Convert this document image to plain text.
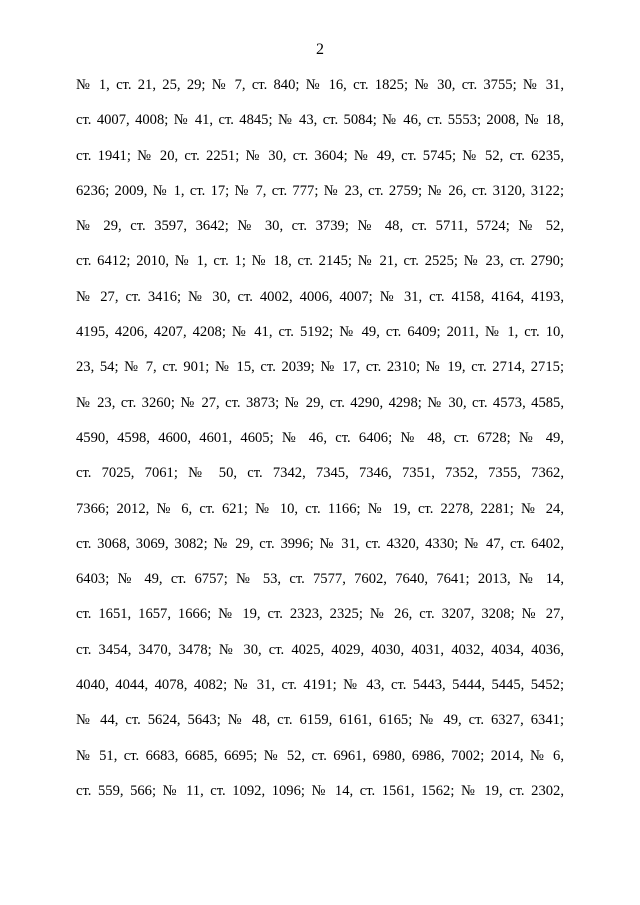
2
№ 1, ст. 21, 25, 29; № 7, ст. 840; № 16, ст. 1825; № 30, ст. 3755; № 31,
ст. 4007, 4008; № 41, ст. 4845; № 43, ст. 5084; № 46, ст. 5553; 2008, № 18,
ст. 1941; № 20, ст. 2251; № 30, ст. 3604; № 49, ст. 5745; № 52, ст. 6235,
6236; 2009, № 1, ст. 17; № 7, ст. 777; № 23, ст. 2759; № 26, ст. 3120, 3122;
№ 29, ст. 3597, 3642; № 30, ст. 3739; № 48, ст. 5711, 5724; № 52,
ст. 6412; 2010, № 1, ст. 1; № 18, ст. 2145; № 21, ст. 2525; № 23, ст. 2790;
№ 27, ст. 3416; № 30, ст. 4002, 4006, 4007; № 31, ст. 4158, 4164, 4193,
4195, 4206, 4207, 4208; № 41, ст. 5192; № 49, ст. 6409; 2011, № 1, ст. 10,
23, 54; № 7, ст. 901; № 15, ст. 2039; № 17, ст. 2310; № 19, ст. 2714, 2715;
№ 23, ст. 3260; № 27, ст. 3873; № 29, ст. 4290, 4298; № 30, ст. 4573, 4585,
4590, 4598, 4600, 4601, 4605; № 46, ст. 6406; № 48, ст. 6728; № 49,
ст. 7025, 7061; № 50, ст. 7342, 7345, 7346, 7351, 7352, 7355, 7362,
7366; 2012, № 6, ст. 621; № 10, ст. 1166; № 19, ст. 2278, 2281; № 24,
ст. 3068, 3069, 3082; № 29, ст. 3996; № 31, ст. 4320, 4330; № 47, ст. 6402,
6403; № 49, ст. 6757; № 53, ст. 7577, 7602, 7640, 7641; 2013, № 14,
ст. 1651, 1657, 1666; № 19, ст. 2323, 2325; № 26, ст. 3207, 3208; № 27,
ст. 3454, 3470, 3478; № 30, ст. 4025, 4029, 4030, 4031, 4032, 4034, 4036,
4040, 4044, 4078, 4082; № 31, ст. 4191; № 43, ст. 5443, 5444, 5445, 5452;
№ 44, ст. 5624, 5643; № 48, ст. 6159, 6161, 6165; № 49, ст. 6327, 6341;
№ 51, ст. 6683, 6685, 6695; № 52, ст. 6961, 6980, 6986, 7002; 2014, № 6,
ст. 559, 566; № 11, ст. 1092, 1096; № 14, ст. 1561, 1562; № 19, ст. 2302,
